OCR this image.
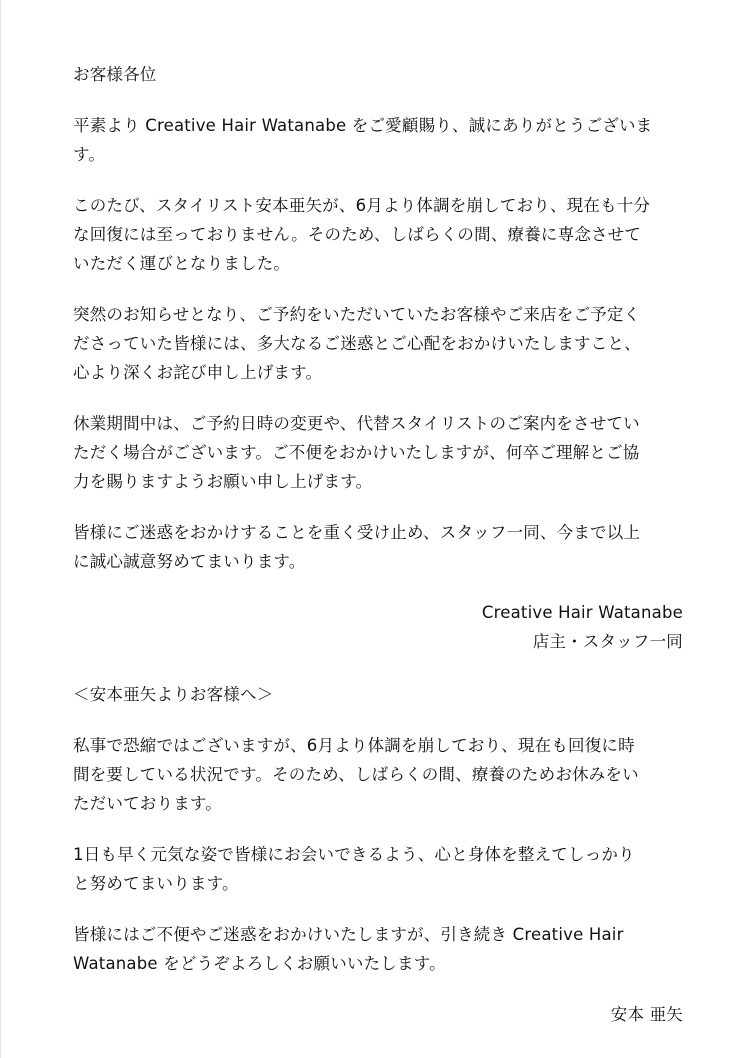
お客様各位
平素より Creative Hair Watanabe をご愛顧賜り、誠にありがとうございま
す。
このたび、スタイリスト安本亜矢が、6月より体調を崩しており、現在も十分
な回復には至っておりません。そのため、しばらくの間、療養に専念させて
いただく運びとなりました。
突然のお知らせとなり、ご予約をいただいていたお客様やご来店をご予定く
ださっていた皆様には、多大なるご迷惑とご心配をおかけいたしますこと、
心より深くお詫び申し上げます。
休業期間中は、ご予約日時の変更や、代替スタイリストのご案内をさせてい
ただく場合がございます。ご不便をおかけいたしますが、何卒ご理解とご協
力を賜りますようお願い申し上げます。
皆様にご迷惑をおかけすることを重く受け止め、スタッフ一同、今まで以上
に誠心誠意努めてまいります。
Creative Hair Watanabe
店主・スタッフ一同
＜安本亜矢よりお客様へ＞
私事で恐縮ではございますが、6月より体調を崩しており、現在も回復に時
間を要している状況です。そのため、しばらくの間、療養のためお休みをい
ただいております。
1日も早く元気な姿で皆様にお会いできるよう、心と身体を整えてしっかり
と努めてまいります。
皆様にはご不便やご迷惑をおかけいたしますが、引き続き Creative Hair
Watanabe をどうぞよろしくお願いいたします。
安本 亜矢
